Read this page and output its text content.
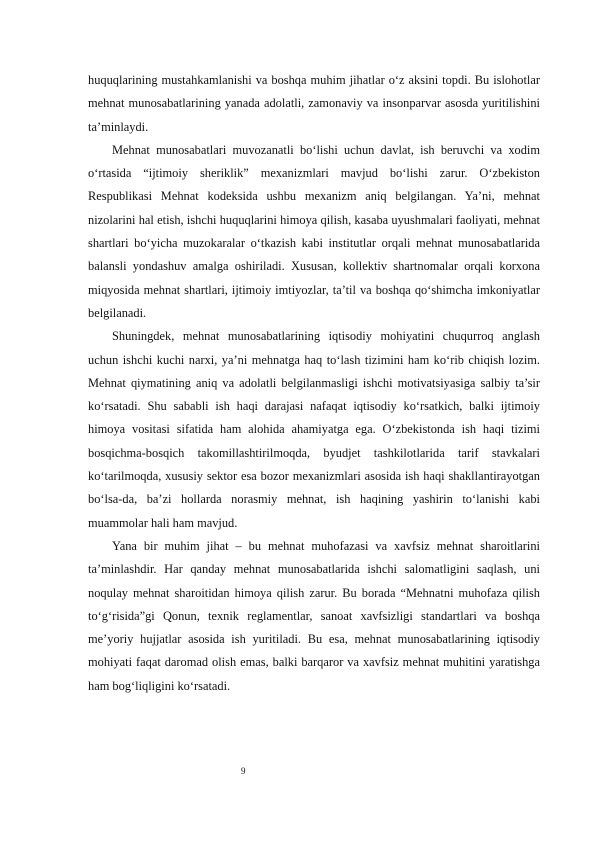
huquqlarining mustahkamlanishi va boshqa muhim jihatlar o‘z aksini topdi. Bu islohotlar mehnat munosabatlarining yanada adolatli, zamonaviy va insonparvar asosda yuritilishini ta’minlaydi.

Mehnat munosabatlari muvozanatli bo‘lishi uchun davlat, ish beruvchi va xodim o‘rtasida “ijtimoiy sheriklik” mexanizmlari mavjud bo‘lishi zarur. O‘zbekiston Respublikasi Mehnat kodeksida ushbu mexanizm aniq belgilangan. Ya’ni, mehnat nizolarini hal etish, ishchi huquqlarini himoya qilish, kasaba uyushmalari faoliyati, mehnat shartlari bo‘yicha muzokaralar o‘tkazish kabi institutlar orqali mehnat munosabatlarida balansli yondashuv amalga oshiriladi. Xususan, kollektiv shartnomalar orqali korxona miqyosida mehnat shartlari, ijtimoiy imtiyozlar, ta’til va boshqa qo‘shimcha imkoniyatlar belgilanadi.

Shuningdek, mehnat munosabatlarining iqtisodiy mohiyatini chuqurroq anglash uchun ishchi kuchi narxi, ya’ni mehnatga haq to‘lash tizimini ham ko‘rib chiqish lozim. Mehnat qiymatining aniq va adolatli belgilanmasligi ishchi motivatsiyasiga salbiy ta’sir ko‘rsatadi. Shu sababli ish haqi darajasi nafaqat iqtisodiy ko‘rsatkich, balki ijtimoiy himoya vositasi sifatida ham alohida ahamiyatga ega. O‘zbekistonda ish haqi tizimi bosqichma-bosqich takomillashtirilmoqda, byudjet tashkilotlarida tarif stavkalari ko‘tarilmoqda, xususiy sektor esa bozor mexanizmlari asosida ish haqi shakllantirayotgan bo‘lsa-da, ba’zi hollarda norasmiy mehnat, ish haqining yashirin to‘lanishi kabi muammolar hali ham mavjud.

Yana bir muhim jihat – bu mehnat muhofazasi va xavfsiz mehnat sharoitlarini ta’minlashdir. Har qanday mehnat munosabatlarida ishchi salomatligini saqlash, uni noqulay mehnat sharoitidan himoya qilish zarur. Bu borada “Mehnatni muhofaza qilish to‘g‘risida”gi Qonun, texnik reglamentlar, sanoat xavfsizligi standartlari va boshqa me’yoriy hujjatlar asosida ish yuritiladi. Bu esa, mehnat munosabatlarining iqtisodiy mohiyati faqat daromad olish emas, balki barqaror va xavfsiz mehnat muhitini yaratishga ham bog‘liqligini ko‘rsatadi.

9
